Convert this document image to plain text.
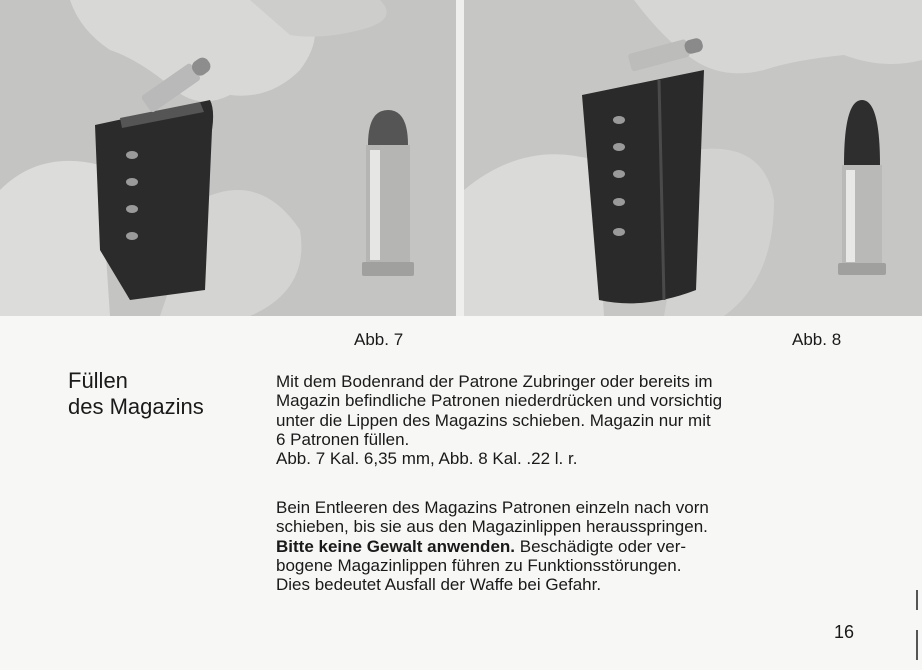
Abb. 7	Abb. 8
Füllen
des Magazins
Mit dem Bodenrand der Patrone Zubringer oder bereits im
Magazin befindliche Patronen niederdrücken und vorsichtig
unter die Lippen des Magazins schieben. Magazin nur mit
6 Patronen füllen.
Abb. 7 Kal. 6,35 mm, Abb. 8 Kal. .22 l. r.
Bein Entleeren des Magazins Patronen einzeln nach vorn
schieben, bis sie aus den Magazinlippen herausspringen.
Bitte keine Gewalt anwenden. Beschädigte oder ver-
bogene Magazinlippen führen zu Funktionsstörungen.
Dies bedeutet Ausfall der Waffe bei Gefahr.
16
